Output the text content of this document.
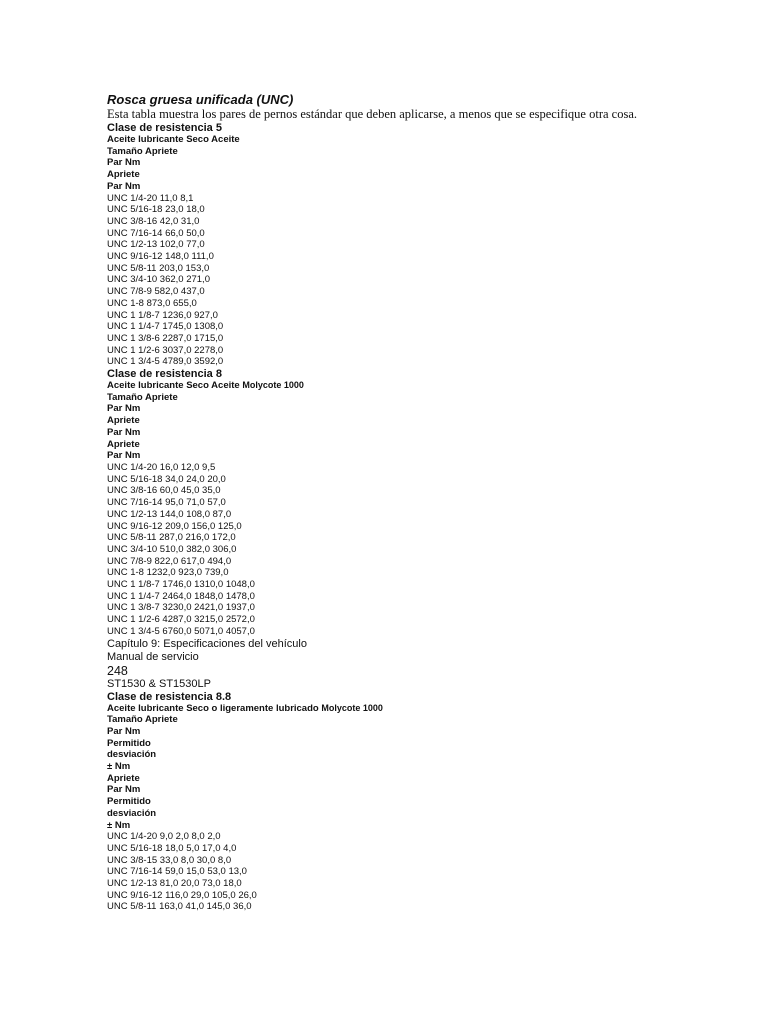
Rosca gruesa unificada (UNC)
Esta tabla muestra los pares de pernos estándar que deben aplicarse, a menos que se especifique otra cosa.
Clase de resistencia 5
Aceite lubricante Seco Aceite
Tamaño Apriete
Par Nm
Apriete
Par Nm
UNC 1/4-20 11,0 8,1
UNC 5/16-18 23,0 18,0
UNC 3/8-16 42,0 31,0
UNC 7/16-14 66,0 50,0
UNC 1/2-13 102,0 77,0
UNC 9/16-12 148,0 111,0
UNC 5/8-11 203,0 153,0
UNC 3/4-10 362,0 271,0
UNC 7/8-9 582,0 437,0
UNC 1-8 873,0 655,0
UNC 1 1/8-7 1236,0 927,0
UNC 1 1/4-7 1745,0 1308,0
UNC 1 3/8-6 2287,0 1715,0
UNC 1 1/2-6 3037,0 2278,0
UNC 1 3/4-5 4789,0 3592,0
Clase de resistencia 8
Aceite lubricante Seco Aceite Molycote 1000
Tamaño Apriete
Par Nm
Apriete
Par Nm
Apriete
Par Nm
UNC 1/4-20 16,0 12,0 9,5
UNC 5/16-18 34,0 24,0 20,0
UNC 3/8-16 60,0 45,0 35,0
UNC 7/16-14 95,0 71,0 57,0
UNC 1/2-13 144,0 108,0 87,0
UNC 9/16-12 209,0 156,0 125,0
UNC 5/8-11 287,0 216,0 172,0
UNC 3/4-10 510,0 382,0 306,0
UNC 7/8-9 822,0 617,0 494,0
UNC 1-8 1232,0 923,0 739,0
UNC 1 1/8-7 1746,0 1310,0 1048,0
UNC 1 1/4-7 2464,0 1848,0 1478,0
UNC 1 3/8-7 3230,0 2421,0 1937,0
UNC 1 1/2-6 4287,0 3215,0 2572,0
UNC 1 3/4-5 6760,0 5071,0 4057,0
Capítulo 9: Especificaciones del vehículo
Manual de servicio
248
ST1530 & ST1530LP
Clase de resistencia 8.8
Aceite lubricante Seco o ligeramente lubricado Molycote 1000
Tamaño Apriete
Par Nm
Permitido
desviación
± Nm
Apriete
Par Nm
Permitido
desviación
± Nm
UNC 1/4-20 9,0 2,0 8,0 2,0
UNC 5/16-18 18,0 5,0 17,0 4,0
UNC 3/8-15 33,0 8,0 30,0 8,0
UNC 7/16-14 59,0 15,0 53,0 13,0
UNC 1/2-13 81,0 20,0 73,0 18,0
UNC 9/16-12 116,0 29,0 105,0 26,0
UNC 5/8-11 163,0 41,0 145,0 36,0
